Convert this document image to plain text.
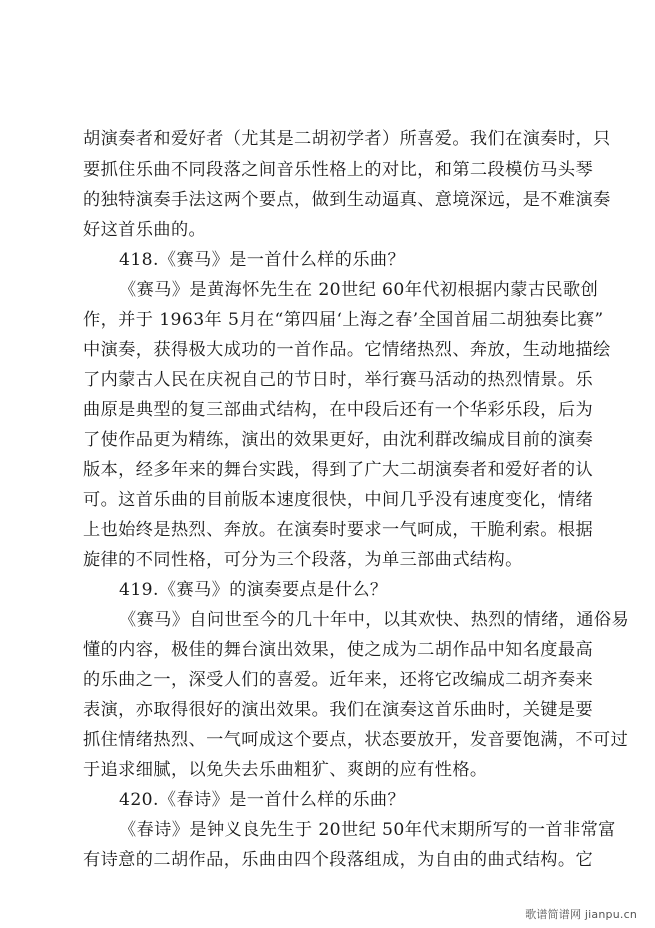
胡演奏者和爱好者（尤其是二胡初学者）所喜爱。我们在演奏时，只
要抓住乐曲不同段落之间音乐性格上的对比，和第二段模仿马头琴
的独特演奏手法这两个要点，做到生动逼真、意境深远，是不难演奏
好这首乐曲的。
418.《赛马》是一首什么样的乐曲？
《赛马》是黄海怀先生在 20世纪 60年代初根据内蒙古民歌创
作，并于 1963年 5月在“第四届‘上海之春’全国首届二胡独奏比赛”
中演奏，获得极大成功的一首作品。它情绪热烈、奔放，生动地描绘
了内蒙古人民在庆祝自己的节日时，举行赛马活动的热烈情景。乐
曲原是典型的复三部曲式结构，在中段后还有一个华彩乐段，后为
了使作品更为精练，演出的效果更好，由沈利群改编成目前的演奏
版本，经多年来的舞台实践，得到了广大二胡演奏者和爱好者的认
可。这首乐曲的目前版本速度很快，中间几乎没有速度变化，情绪
上也始终是热烈、奔放。在演奏时要求一气呵成，干脆利索。根据
旋律的不同性格，可分为三个段落，为单三部曲式结构。
419.《赛马》的演奏要点是什么？
《赛马》自问世至今的几十年中，以其欢快、热烈的情绪，通俗易
懂的内容，极佳的舞台演出效果，使之成为二胡作品中知名度最高
的乐曲之一，深受人们的喜爱。近年来，还将它改编成二胡齐奏来
表演，亦取得很好的演出效果。我们在演奏这首乐曲时，关键是要
抓住情绪热烈、一气呵成这个要点，状态要放开，发音要饱满，不可过
于追求细腻，以免失去乐曲粗犷、爽朗的应有性格。
420.《春诗》是一首什么样的乐曲？
《春诗》是钟义良先生于 20世纪 50年代末期所写的一首非常富
有诗意的二胡作品，乐曲由四个段落组成，为自由的曲式结构。它
歌谱简谱网 jianpu.cn
